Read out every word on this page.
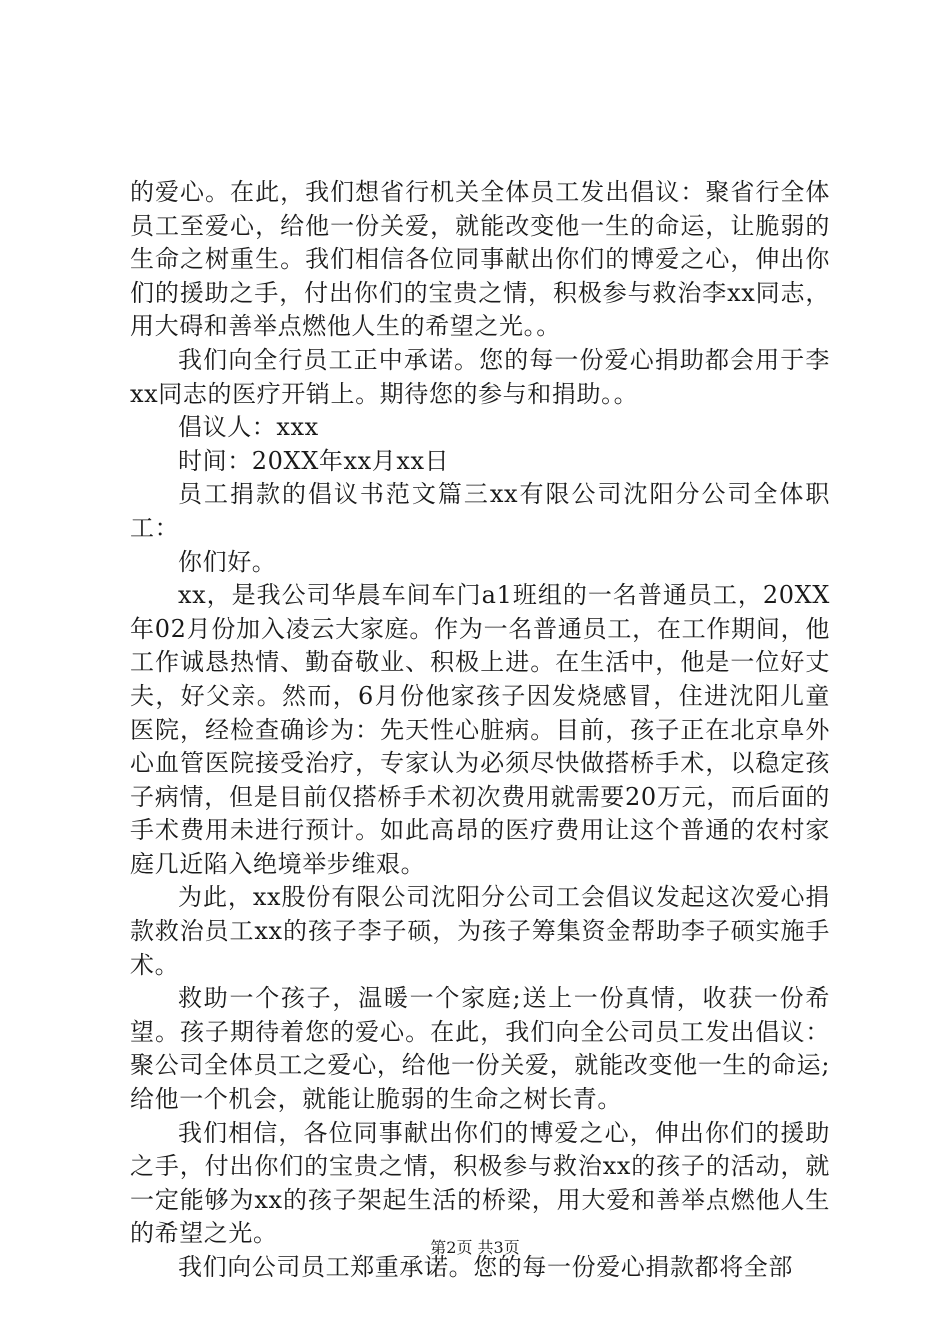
的爱心。在此，我们想省行机关全体员工发出倡议：聚省行全体员工至爱心，给他一份关爱，就能改变他一生的命运，让脆弱的生命之树重生。我们相信各位同事献出你们的博爱之心，伸出你们的援助之手，付出你们的宝贵之情，积极参与救治李xx同志，用大碍和善举点燃他人生的希望之光。。

我们向全行员工正中承诺。您的每一份爱心捐助都会用于李xx同志的医疗开销上。期待您的参与和捐助。。

倡议人：xxx

时间：20XX年xx月xx日

员工捐款的倡议书范文篇三xx有限公司沈阳分公司全体职工：

你们好。

xx，是我公司华晨车间车门a1班组的一名普通员工，20XX年02月份加入凌云大家庭。作为一名普通员工，在工作期间，他工作诚恳热情、勤奋敬业、积极上进。在生活中，他是一位好丈夫，好父亲。然而，6月份他家孩子因发烧感冒，住进沈阳儿童医院，经检查确诊为：先天性心脏病。目前，孩子正在北京阜外心血管医院接受治疗，专家认为必须尽快做搭桥手术，以稳定孩子病情，但是目前仅搭桥手术初次费用就需要20万元，而后面的手术费用未进行预计。如此高昂的医疗费用让这个普通的农村家庭几近陷入绝境举步维艰。

为此，xx股份有限公司沈阳分公司工会倡议发起这次爱心捐款救治员工xx的孩子李子硕，为孩子筹集资金帮助李子硕实施手术。

救助一个孩子，温暖一个家庭;送上一份真情，收获一份希望。孩子期待着您的爱心。在此，我们向全公司员工发出倡议：聚公司全体员工之爱心，给他一份关爱，就能改变他一生的命运;给他一个机会，就能让脆弱的生命之树长青。

我们相信，各位同事献出你们的博爱之心，伸出你们的援助之手，付出你们的宝贵之情，积极参与救治xx的孩子的活动，就一定能够为xx的孩子架起生活的桥梁，用大爱和善举点燃他人生的希望之光。

我们向公司员工郑重承诺。您的每一份爱心捐款都将全部

第2页 共3页
